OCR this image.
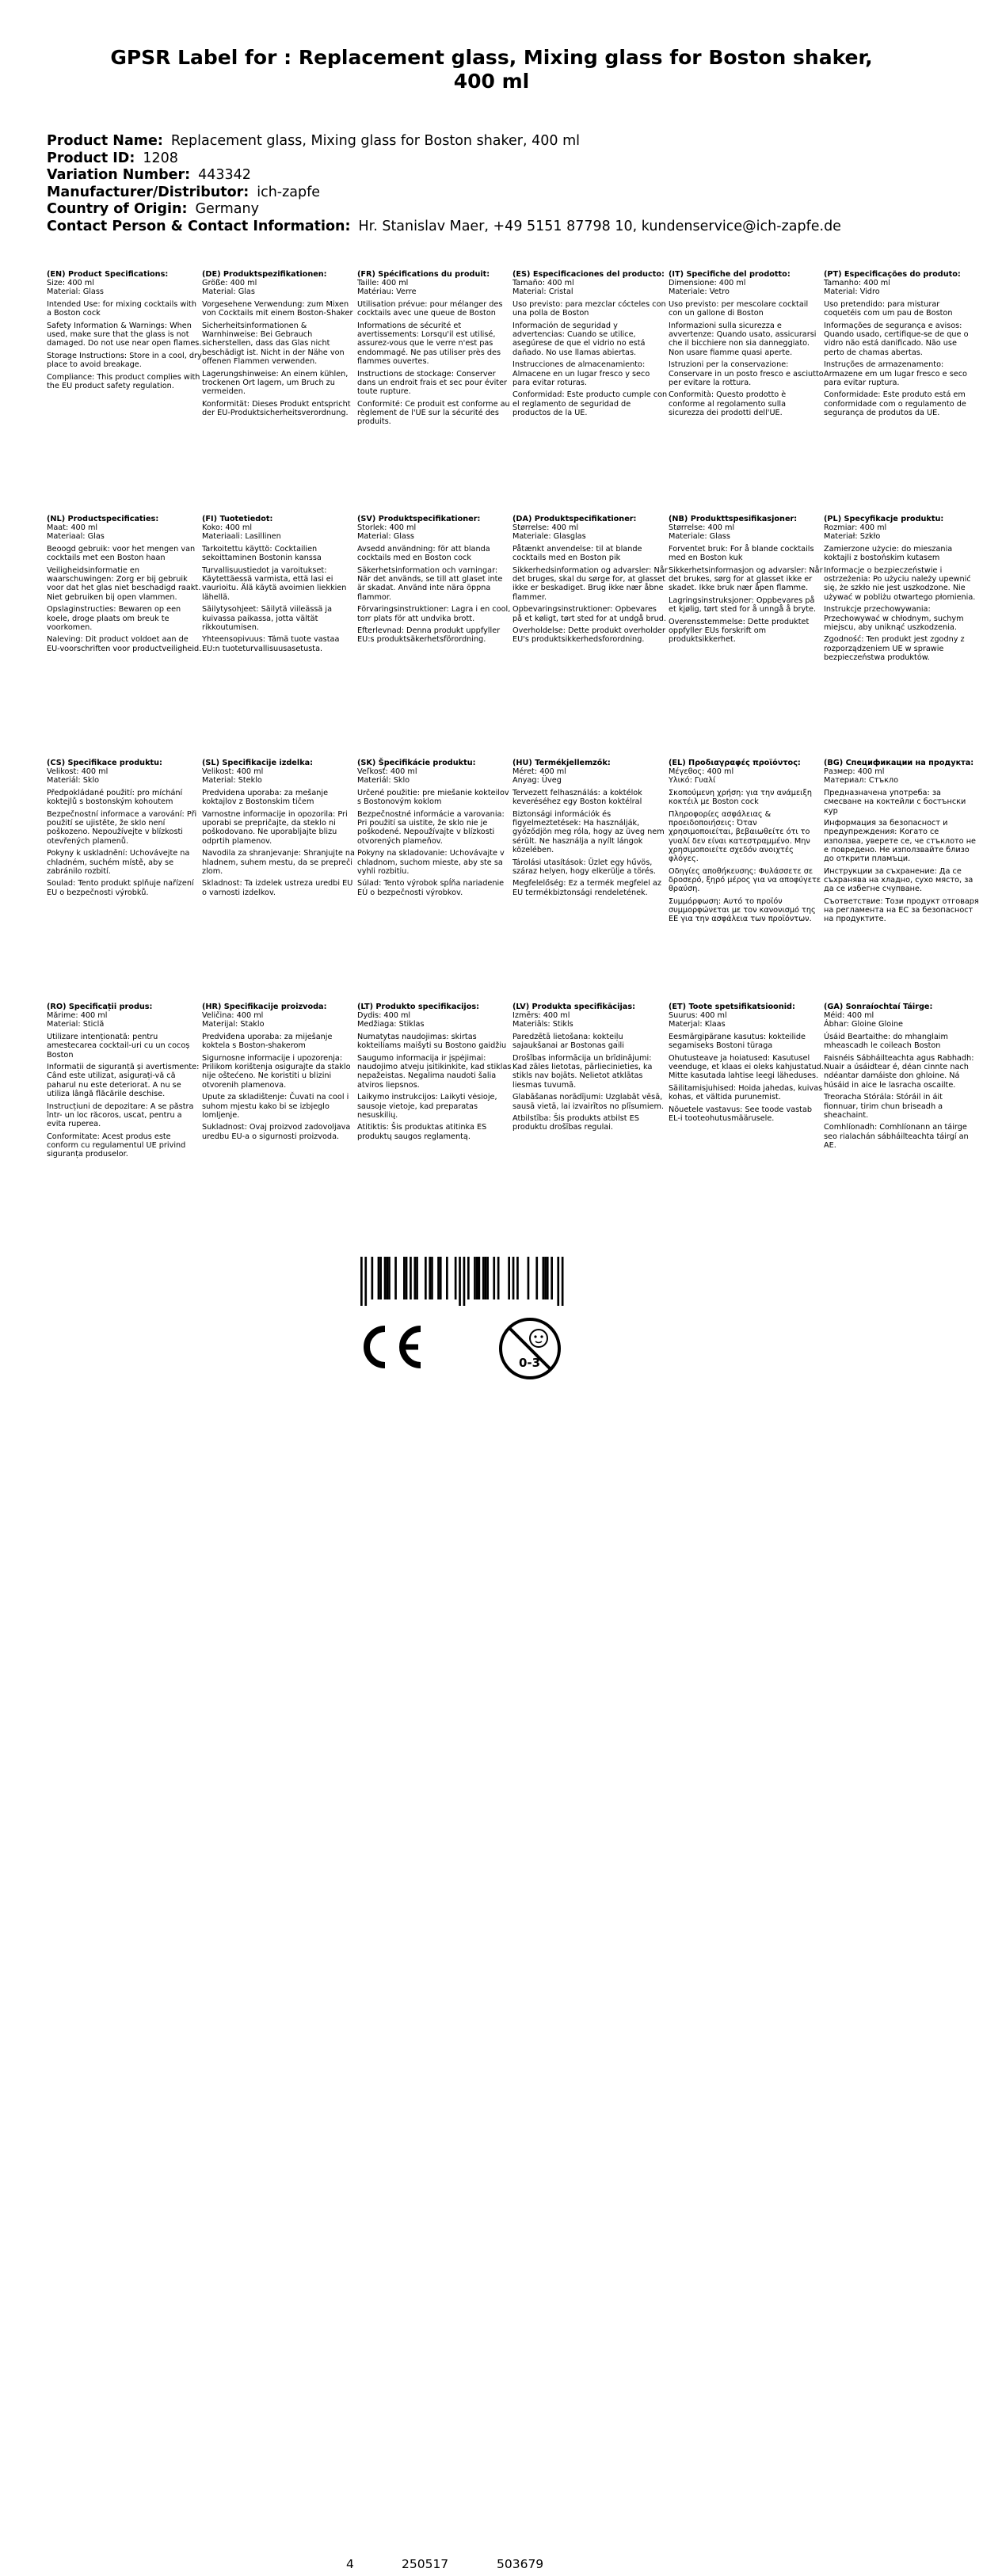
GPSR Label for : Replacement glass, Mixing glass for Boston shaker,
400 ml
Product Name: Replacement glass, Mixing glass for Boston shaker, 400 ml
Product ID: 1208
Variation Number: 443342
Manufacturer/Distributor: ich-zapfe
Country of Origin: Germany
Contact Person & Contact Information: Hr. Stanislav Maer, +49 5151 87798 10, kundenservice@ich-zapfe.de
(EN) Product Specifications:
Size: 400 ml
Material: Glass
Intended Use: for mixing cocktails with a Boston cock
Safety Information & Warnings: When used, make sure that the glass is not damaged. Do not use near open flames.
Storage Instructions: Store in a cool, dry place to avoid breakage.
Compliance: This product complies with the EU product safety regulation.
(DE) Produktspezifikationen:
Größe: 400 ml
Material: Glas
Vorgesehene Verwendung: zum Mixen von Cocktails mit einem Boston-Shaker
Sicherheitsinformationen & Warnhinweise: Bei Gebrauch sicherstellen, dass das Glas nicht beschädigt ist. Nicht in der Nähe von offenen Flammen verwenden.
Lagerungshinweise: An einem kühlen, trockenen Ort lagern, um Bruch zu vermeiden.
Konformität: Dieses Produkt entspricht der EU-Produktsicherheitsverordnung.
(FR) Spécifications du produit:
Taille: 400 ml
Matériau: Verre
Utilisation prévue: pour mélanger des cocktails avec une queue de Boston
Informations de sécurité et avertissements: Lorsqu'il est utilisé, assurez-vous que le verre n'est pas endommagé. Ne pas utiliser près des flammes ouvertes.
Instructions de stockage: Conserver dans un endroit frais et sec pour éviter toute rupture.
Conformité: Ce produit est conforme au règlement de l'UE sur la sécurité des produits.
(ES) Especificaciones del producto:
Tamaño: 400 ml
Material: Cristal
Uso previsto: para mezclar cócteles con una polla de Boston
Información de seguridad y advertencias: Cuando se utilice, asegúrese de que el vidrio no está dañado. No use llamas abiertas.
Instrucciones de almacenamiento: Almacene en un lugar fresco y seco para evitar roturas.
Conformidad: Este producto cumple con el reglamento de seguridad de productos de la UE.
(IT) Specifiche del prodotto:
Dimensione: 400 ml
Materiale: Vetro
Uso previsto: per mescolare cocktail con un gallone di Boston
Informazioni sulla sicurezza e avvertenze: Quando usato, assicurarsi che il bicchiere non sia danneggiato. Non usare fiamme quasi aperte.
Istruzioni per la conservazione: Conservare in un posto fresco e asciutto per evitare la rottura.
Conformità: Questo prodotto è conforme al regolamento sulla sicurezza dei prodotti dell'UE.
(PT) Especificações do produto:
Tamanho: 400 ml
Material: Vidro
Uso pretendido: para misturar coquetéis com um pau de Boston
Informações de segurança e avisos: Quando usado, certifique-se de que o vidro não está danificado. Não use perto de chamas abertas.
Instruções de armazenamento: Armazene em um lugar fresco e seco para evitar ruptura.
Conformidade: Este produto está em conformidade com o regulamento de segurança de produtos da UE.
(NL) Productspecificaties:
Maat: 400 ml
Materiaal: Glas
Beoogd gebruik: voor het mengen van cocktails met een Boston haan
Veiligheidsinformatie en waarschuwingen: Zorg er bij gebruik voor dat het glas niet beschadigd raakt. Niet gebruiken bij open vlammen.
Opslaginstructies: Bewaren op een koele, droge plaats om breuk te voorkomen.
Naleving: Dit product voldoet aan de EU-voorschriften voor productveiligheid.
(FI) Tuotetiedot:
Koko: 400 ml
Materiaali: Lasillinen
Tarkoitettu käyttö: Cocktailien sekoittaminen Bostonin kanssa
Turvallisuustiedot ja varoitukset: Käytettäessä varmista, että lasi ei vaurioitu. Älä käytä avoimien liekkien lähellä.
Säilytysohjeet: Säilytä viileässä ja kuivassa paikassa, jotta vältät rikkoutumisen.
Yhteensopivuus: Tämä tuote vastaa EU:n tuoteturvallisuusasetusta.
(SV) Produktspecifikationer:
Storlek: 400 ml
Material: Glass
Avsedd användning: för att blanda cocktails med en Boston cock
Säkerhetsinformation och varningar: När det används, se till att glaset inte är skadat. Använd inte nära öppna flammor.
Förvaringsinstruktioner: Lagra i en cool, torr plats för att undvika brott.
Efterlevnad: Denna produkt uppfyller EU:s produktsäkerhetsförordning.
(DA) Produktspecifikationer:
Størrelse: 400 ml
Materiale: Glasglas
Påtænkt anvendelse: til at blande cocktails med en Boston pik
Sikkerhedsinformation og advarsler: Når det bruges, skal du sørge for, at glasset ikke er beskadiget. Brug ikke nær åbne flammer.
Opbevaringsinstruktioner: Opbevares på et køligt, tørt sted for at undgå brud.
Overholdelse: Dette produkt overholder EU's produktsikkerhedsforordning.
(NB) Produkttspesifikasjoner:
Størrelse: 400 ml
Materiale: Glass
Forventet bruk: For å blande cocktails med en Boston kuk
Sikkerhetsinformasjon og advarsler: Når det brukes, sørg for at glasset ikke er skadet. Ikke bruk nær åpen flamme.
Lagringsinstruksjoner: Oppbevares på et kjølig, tørt sted for å unngå å bryte.
Overensstemmelse: Dette produktet oppfyller EUs forskrift om produktsikkerhet.
(PL) Specyfikacje produktu:
Rozmiar: 400 ml
Materiał: Szkło
Zamierzone użycie: do mieszania koktajli z bostońskim kutasem
Informacje o bezpieczeństwie i ostrzeżenia: Po użyciu należy upewnić się, że szkło nie jest uszkodzone. Nie używać w pobliżu otwartego płomienia.
Instrukcje przechowywania: Przechowywać w chłodnym, suchym miejscu, aby uniknąć uszkodzenia.
Zgodność: Ten produkt jest zgodny z rozporządzeniem UE w sprawie bezpieczeństwa produktów.
(CS) Specifikace produktu:
Velikost: 400 ml
Materiál: Sklo
Předpokládané použití: pro míchání koktejlů s bostonským kohoutem
Bezpečnostní informace a varování: Při použití se ujistěte, že sklo není poškozeno. Nepoužívejte v blízkosti otevřených plamenů.
Pokyny k uskladnění: Uchovávejte na chladném, suchém místě, aby se zabránilo rozbití.
Soulad: Tento produkt splňuje nařízení EU o bezpečnosti výrobků.
(SL) Specifikacije izdelka:
Velikost: 400 ml
Material: Steklo
Predvidena uporaba: za mešanje koktajlov z Bostonskim tičem
Varnostne informacije in opozorila: Pri uporabi se prepričajte, da steklo ni poškodovano. Ne uporabljajte blizu odprtih plamenov.
Navodila za shranjevanje: Shranjujte na hladnem, suhem mestu, da se prepreči zlom.
Skladnost: Ta izdelek ustreza uredbi EU o varnosti izdelkov.
(SK) Špecifikácie produktu:
Veľkosť: 400 ml
Materiál: Sklo
Určené použitie: pre miešanie kokteilov s Bostonovým koklom
Bezpečnostné informácie a varovania: Pri použití sa uistite, že sklo nie je poškodené. Nepoužívajte v blízkosti otvorených plameňov.
Pokyny na skladovanie: Uchovávajte v chladnom, suchom mieste, aby ste sa vyhli rozbitiu.
Súlad: Tento výrobok spĺňa nariadenie EÚ o bezpečnosti výrobkov.
(HU) Termékjellemzők:
Méret: 400 ml
Anyag: Üveg
Tervezett felhasználás: a koktélok keveréséhez egy Boston koktélral
Biztonsági információk és figyelmeztetések: Ha használják, győződjön meg róla, hogy az üveg nem sérült. Ne használja a nyílt lángok közelében.
Tárolási utasítások: Üzlet egy hűvös, száraz helyen, hogy elkerülje a törés.
Megfelelőség: Ez a termék megfelel az EU termékbiztonsági rendeletének.
(EL) Προδιαγραφές προϊόντος:
Μέγεθος: 400 ml
Υλικό: Γυαλί
Σκοπούμενη χρήση: για την ανάμειξη κοκτέιλ με Boston cock
Πληροφορίες ασφάλειας & προειδοποιήσεις: Όταν χρησιμοποιείται, βεβαιωθείτε ότι το γυαλί δεν είναι κατεστραμμένο. Μην χρησιμοποιείτε σχεδόν ανοιχτές φλόγες.
Οδηγίες αποθήκευσης: Φυλάσσετε σε δροσερό, ξηρό μέρος για να αποφύγετε θραύση.
Συμμόρφωση: Αυτό το προϊόν συμμορφώνεται με τον κανονισμό της ΕΕ για την ασφάλεια των προϊόντων.
(BG) Спецификации на продукта:
Размер: 400 ml
Материал: Стъкло
Предназначена употреба: за смесване на коктейли с бостънски кур
Информация за безопасност и предупреждения: Когато се използва, уверете се, че стъклото не е повредено. Не използвайте близо до открити пламъци.
Инструкции за съхранение: Да се съхранява на хладно, сухо място, за да се избегне счупване.
Съответствие: Този продукт отговаря на регламента на ЕС за безопасност на продуктите.
(RO) Specificații produs:
Mărime: 400 ml
Material: Sticlă
Utilizare intenționată: pentru amestecarea cocktail-uri cu un cocoș Boston
Informații de siguranță și avertismente: Când este utilizat, asigurați-vă că paharul nu este deteriorat. A nu se utiliza lângă flăcările deschise.
Instrucțiuni de depozitare: A se păstra într- un loc răcoros, uscat, pentru a evita ruperea.
Conformitate: Acest produs este conform cu regulamentul UE privind siguranța produselor.
(HR) Specifikacije proizvoda:
Veličina: 400 ml
Materijal: Staklo
Predviđena uporaba: za miješanje koktela s Boston-shakerom
Sigurnosne informacije i upozorenja: Prilikom korištenja osigurajte da staklo nije oštećeno. Ne koristiti u blizini otvorenih plamenova.
Upute za skladištenje: Čuvati na cool i suhom mjestu kako bi se izbjeglo lomljenje.
Sukladnost: Ovaj proizvod zadovoljava uredbu EU-a o sigurnosti proizvoda.
(LT) Produkto specifikacijos:
Dydis: 400 ml
Medžiaga: Stiklas
Numatytas naudojimas: skirtas kokteiliams maišyti su Bostono gaidžiu
Saugumo informacija ir įspėjimai: naudojimo atveju įsitikinkite, kad stiklas nepažeistas. Negalima naudoti šalia atviros liepsnos.
Laikymo instrukcijos: Laikyti vėsioje, sausoje vietoje, kad preparatas nesuskilių.
Atitiktis: Šis produktas atitinka ES produktų saugos reglamentą.
(LV) Produkta specifikācijas:
Izmērs: 400 ml
Materiāls: Stikls
Paredzētā lietošana: kokteiļu sajaukšanai ar Bostonas gaili
Drošības informācija un brīdinājumi: Kad zāles lietotas, pārliecinieties, ka stikls nav bojāts. Nelietot atklātas liesmas tuvumā.
Glabāšanas norādījumi: Uzglabāt vēsā, sausā vietā, lai izvairītos no plīsumiem.
Atbilstība: Šis produkts atbilst ES produktu drošības regulai.
(ET) Toote spetsifikatsioonid:
Suurus: 400 ml
Materjal: Klaas
Eesmärgipärane kasutus: kokteilide segamiseks Bostoni türaga
Ohutusteave ja hoiatused: Kasutusel veenduge, et klaas ei oleks kahjustatud. Mitte kasutada lahtise leegi läheduses.
Säilitamisjuhised: Hoida jahedas, kuivas kohas, et vältida purunemist.
Nõuetele vastavus: See toode vastab EL-i tooteohutusmäärusele.
(GA) Sonraíochtaí Táirge:
Méid: 400 ml
Ábhar: Gloine Gloine
Úsáid Beartaithe: do mhanglaim mheascadh le coileach Boston
Faisnéis Sábháilteachta agus Rabhadh: Nuair a úsáidtear é, déan cinnte nach ndéantar damáiste don ghloine. Ná húsáid in aice le lasracha oscailte.
Treoracha Stórála: Stóráil in áit fionnuar, tirim chun briseadh a sheachaint.
Comhlíonadh: Comhlíonann an táirge seo rialachán sábháilteachta táirgí an AE.
4	250517	503679
0-3
